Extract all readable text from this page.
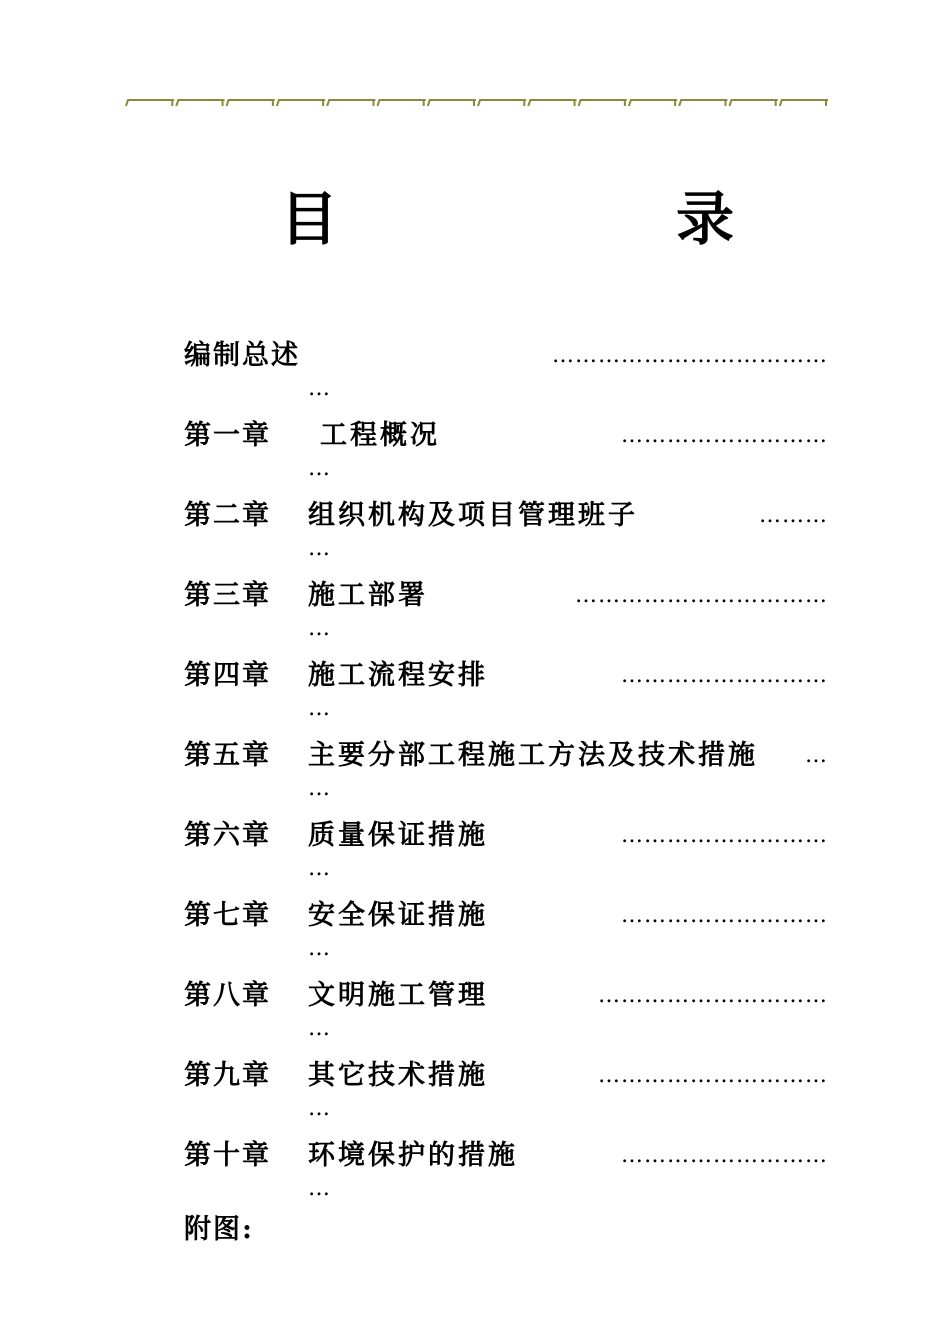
目	录
编制总述	………………………………
…
第一章 工程概况	………………………
…
第二章 组织机构及项目管理班子	………
…
第三章 施工部署	……………………………
…
第四章 施工流程安排	………………………
…
第五章 主要分部工程施工方法及技术措施 …
…
第六章 质量保证措施	………………………
…
第七章 安全保证措施	………………………
…
第八章 文明施工管理	…………………………
…
第九章 其它技术措施	…………………………
…
第十章 环境保护的措施	………………………
…
附图:
